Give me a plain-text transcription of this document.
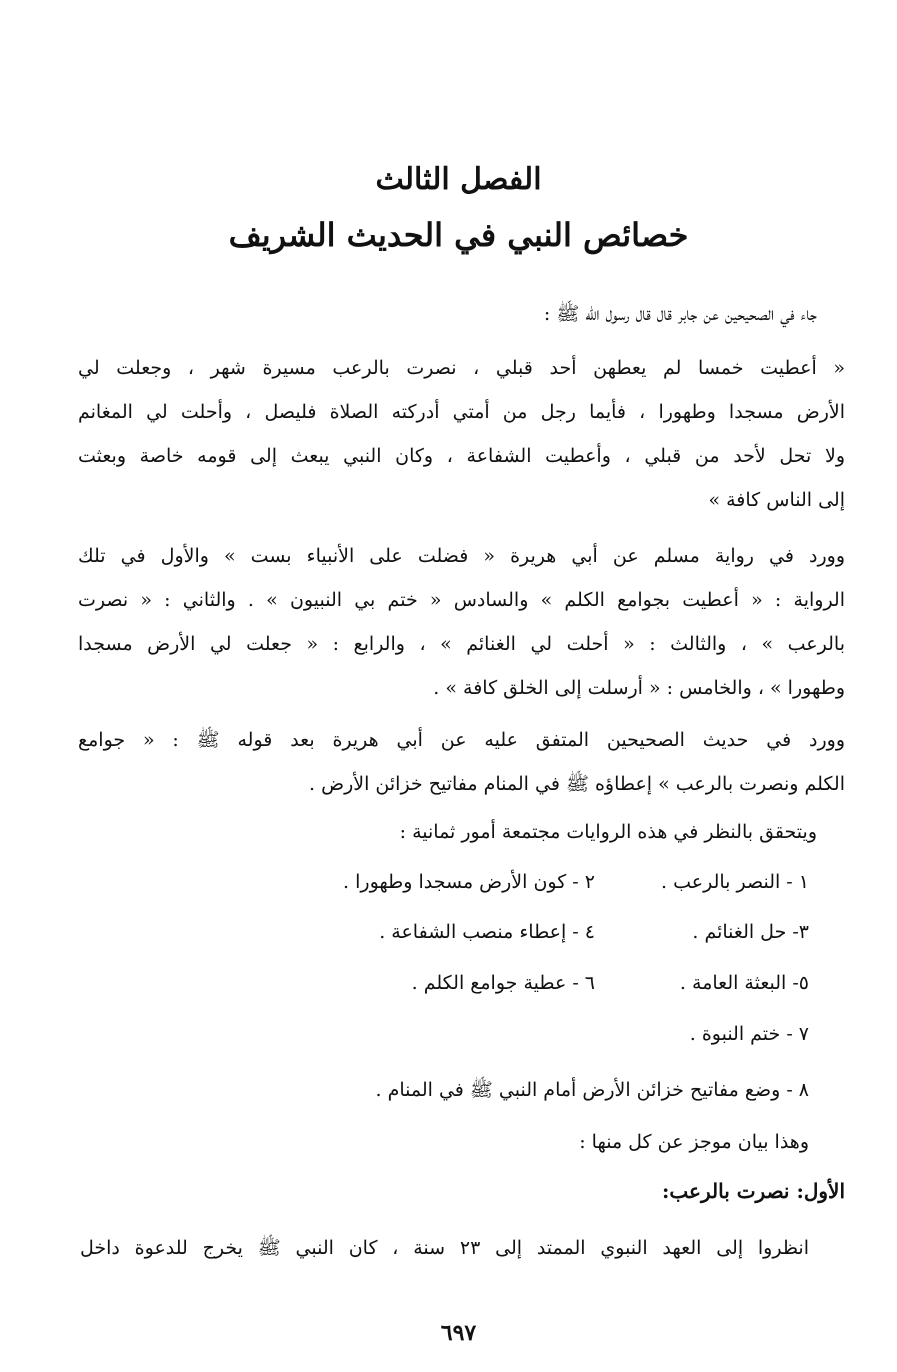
الفصل الثالث
خصائص النبي في الحديث الشريف
جاء في الصحيحين عن جابر قال قال رسول الله ﷺ :
« أعطيت خمسا لم يعطهن أحد قبلي ، نصرت بالرعب مسيرة شهر ، وجعلت لي
الأرض مسجدا وطهورا ، فأيما رجل من أمتي أدركته الصلاة فليصل ، وأحلت لي المغانم
ولا تحل لأحد من قبلي ، وأعطيت الشفاعة ، وكان النبي يبعث إلى قومه خاصة وبعثت
إلى الناس كافة »
وورد في رواية مسلم عن أبي هريرة « فضلت على الأنبياء بست » والأول في تلك
الرواية : « أعطيت بجوامع الكلم » والسادس « ختم بي النبيون » . والثاني : « نصرت
بالرعب » ، والثالث : « أحلت لي الغنائم » ، والرابع : « جعلت لي الأرض مسجدا
وطهورا » ، والخامس : « أرسلت إلى الخلق كافة » .
وورد في حديث الصحيحين المتفق عليه عن أبي هريرة بعد قوله ﷺ : « جوامع
الكلم ونصرت بالرعب » إعطاؤه ﷺ في المنام مفاتيح خزائن الأرض .
ويتحقق بالنظر في هذه الروايات مجتمعة أمور ثمانية :
١ - النصر بالرعب .
٢ - كون الأرض مسجدا وطهورا .
٣- حل الغنائم .
٤ - إعطاء منصب الشفاعة .
٥- البعثة العامة .
٦ - عطية جوامع الكلم .
٧ - ختم النبوة .
٨ - وضع مفاتيح خزائن الأرض أمام النبي ﷺ في المنام .
وهذا بيان موجز عن كل منها :
الأول: نصرت بالرعب:
انظروا إلى العهد النبوي الممتد إلى ٢٣ سنة ، كان النبي ﷺ يخرج للدعوة داخل
٦٩٧
